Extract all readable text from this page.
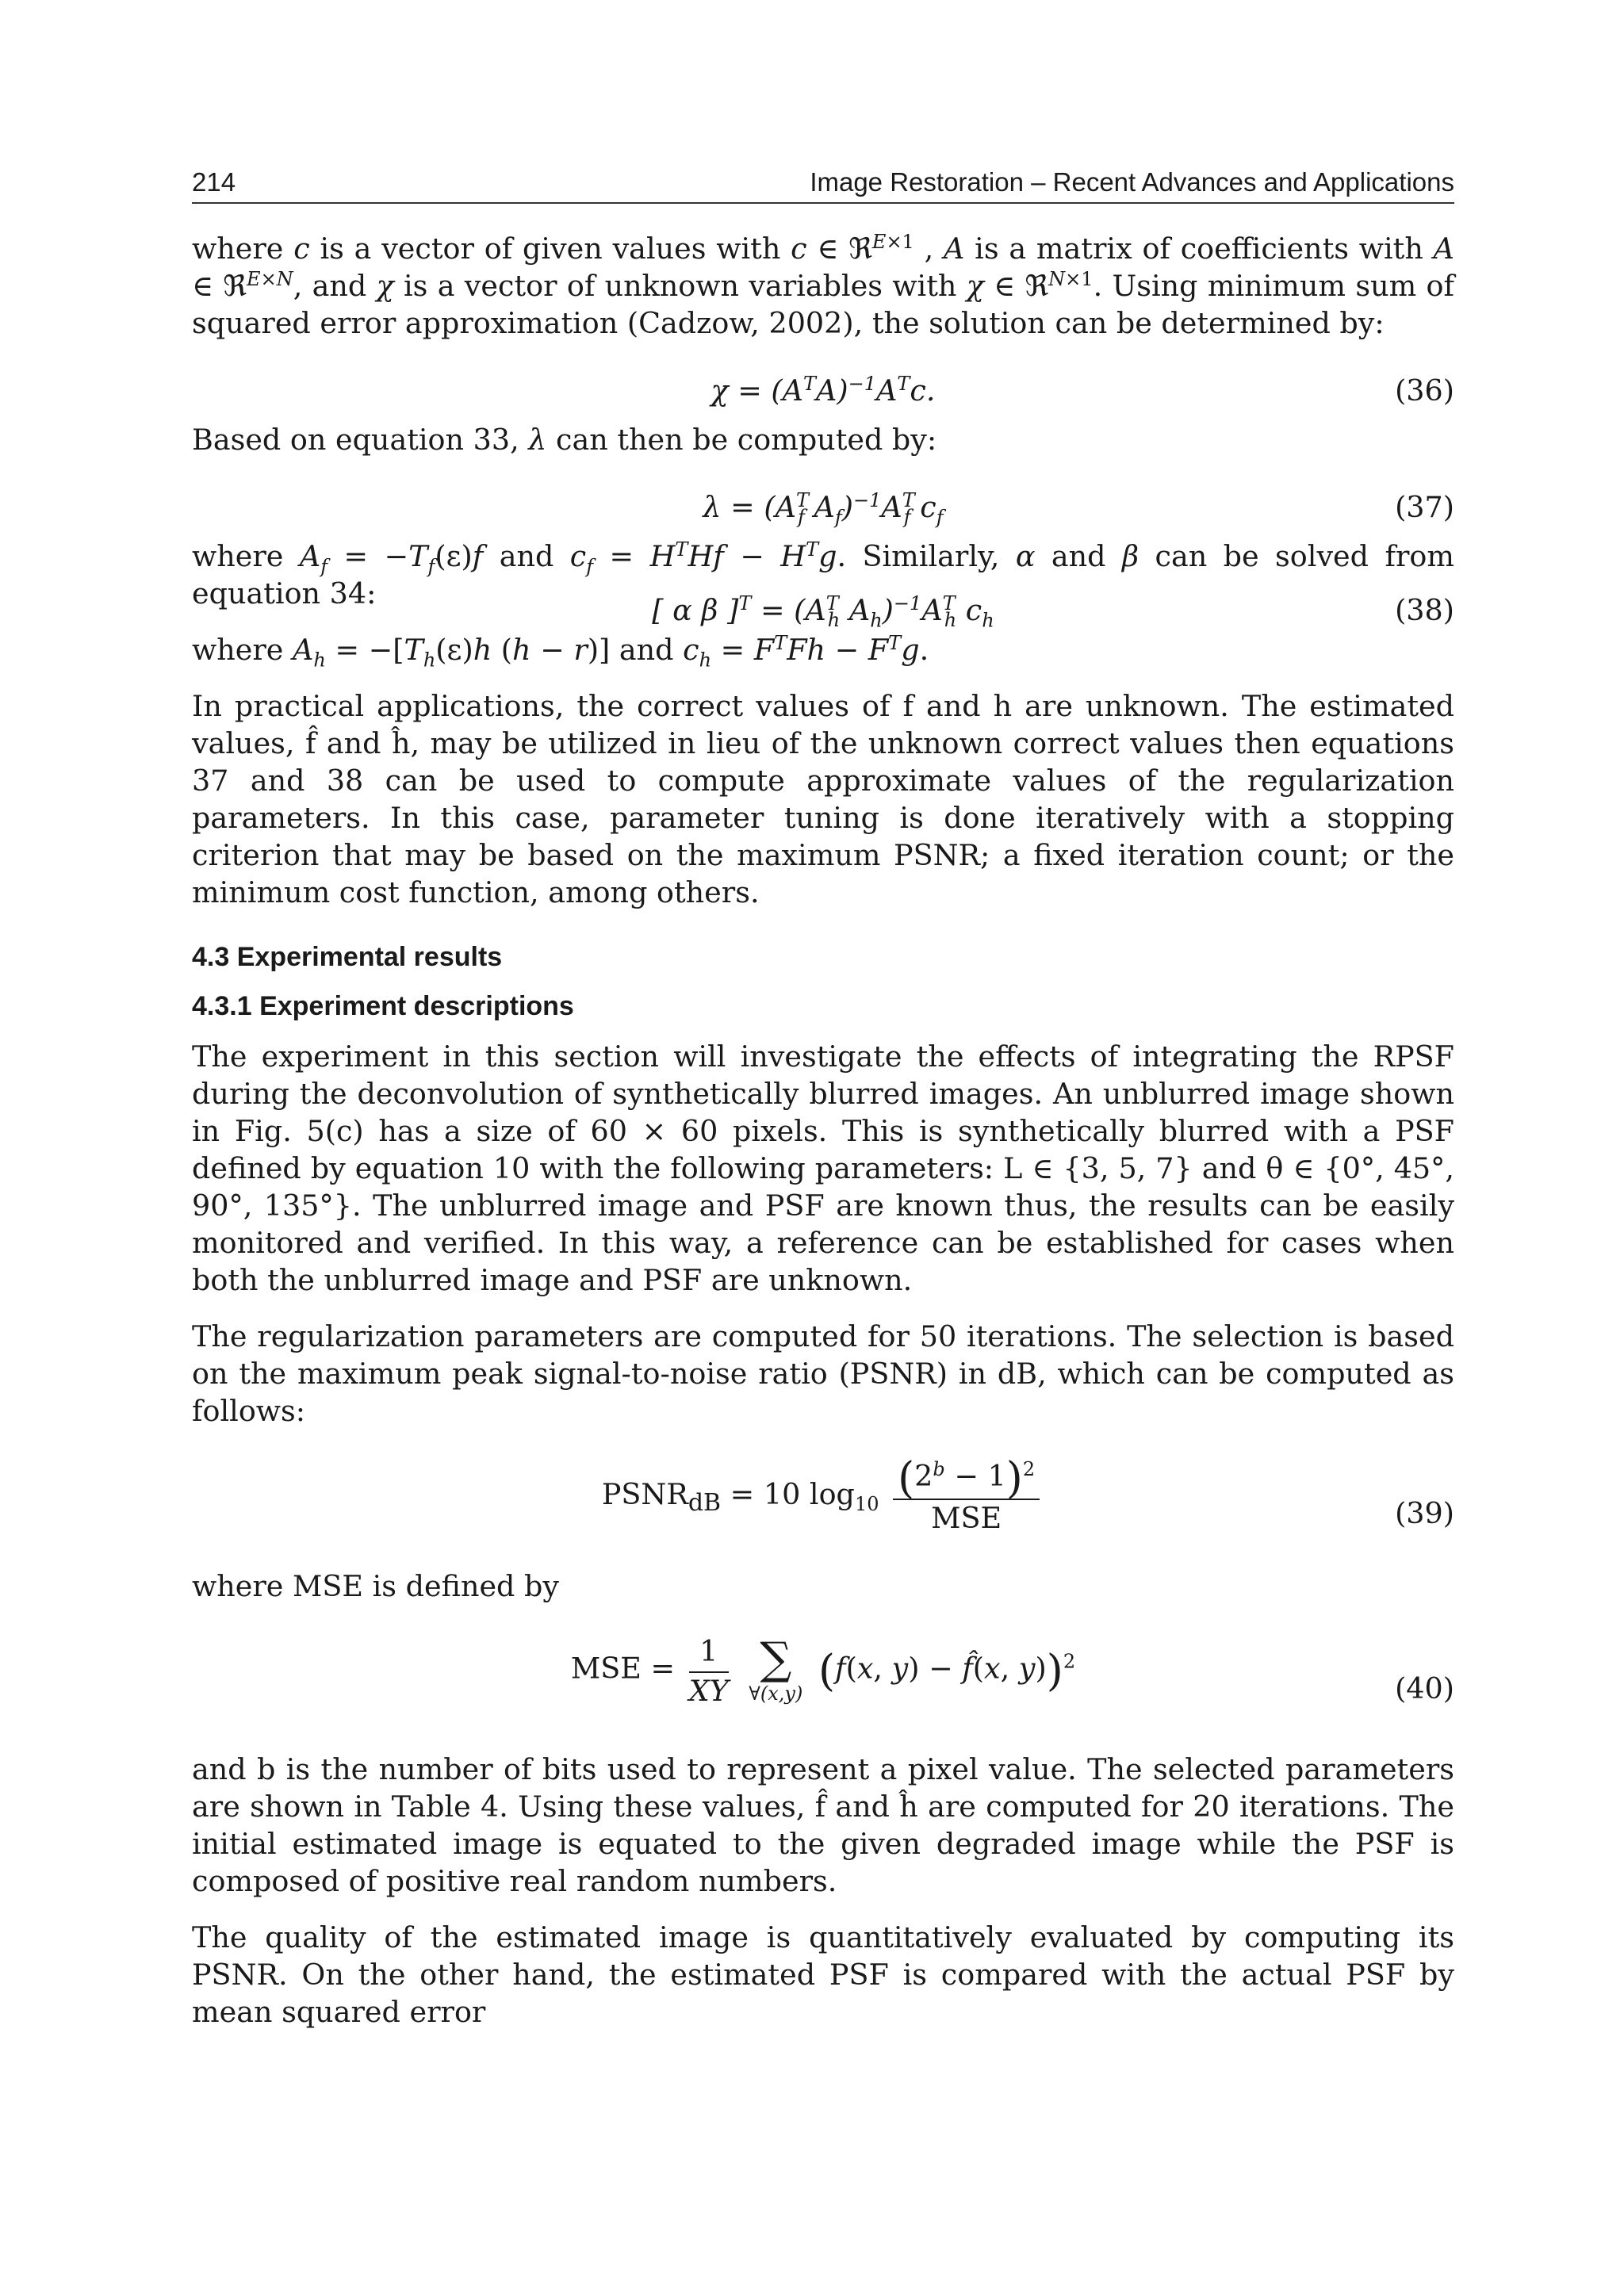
214	Image Restoration – Recent Advances and Applications

where c is a vector of given values with c ∈ ℜ$^{E\times 1}$ , A is a matrix of coefficients with A ∈ ℜ$^{E\times N}$, and χ is a vector of unknown variables with χ ∈ ℜ$^{N\times 1}$. Using minimum sum of squared error approximation (Cadzow, 2002), the solution can be determined by:

$\chi = (A^TA)^{-1}A^Tc$.	(36)

Based on equation 33, λ can then be computed by:

$\lambda = (A^T_f$ $A_f)^{-1}A^T_f$ $c_f$	(37)

where $A_f = -T_f(\varepsilon)f$ and $c_f = H^THf - H^Tg$. Similarly, α and β can be solved from equation 34:	[ α β ]$^T = (A^T_h$ $A_h)^{-1}A^T_h$ $c_h$	(38)

where $A_h = -[T_h(\varepsilon)h$ (h − r)] and $c_h = F^TFh - F^Tg$.

In practical applications, the correct values of f and h are unknown. The estimated values, f̂ and ĥ, may be utilized in lieu of the unknown correct values then equations 37 and 38 can be used to compute approximate values of the regularization parameters. In this case, parameter tuning is done iteratively with a stopping criterion that may be based on the maximum PSNR; a fixed iteration count; or the minimum cost function, among others.

4.3 Experimental results
4.3.1 Experiment descriptions

The experiment in this section will investigate the effects of integrating the RPSF during the deconvolution of synthetically blurred images. An unblurred image shown in Fig. 5(c) has a size of 60 × 60 pixels. This is synthetically blurred with a PSF defined by equation 10 with the following parameters: L ∈ {3, 5, 7} and θ ∈ {0°, 45°, 90°, 135°}. The unblurred image and PSF are known thus, the results can be easily monitored and verified. In this way, a reference can be established for cases when both the unblurred image and PSF are unknown.

The regularization parameters are computed for 50 iterations. The selection is based on the maximum peak signal-to-noise ratio (PSNR) in dB, which can be computed as follows:

$PSNR_{dB} = 10$ $\log_{10} \frac{(2^b - 1)^2}{\text{MSE}}$	(39)

where MSE is defined by

MSE = $\frac{1}{XY}$
∑
∀(x,y) (f(x, y) − f̂(x, y))$^2$
(40)

and b is the number of bits used to represent a pixel value. The selected parameters are shown in Table 4. Using these values, f̂ and ĥ are computed for 20 iterations. The initial estimated image is equated to the given degraded image while the PSF is composed of positive real random numbers.

The quality of the estimated image is quantitatively evaluated by computing its PSNR. On the other hand, the estimated PSF is compared with the actual PSF by mean squared error
